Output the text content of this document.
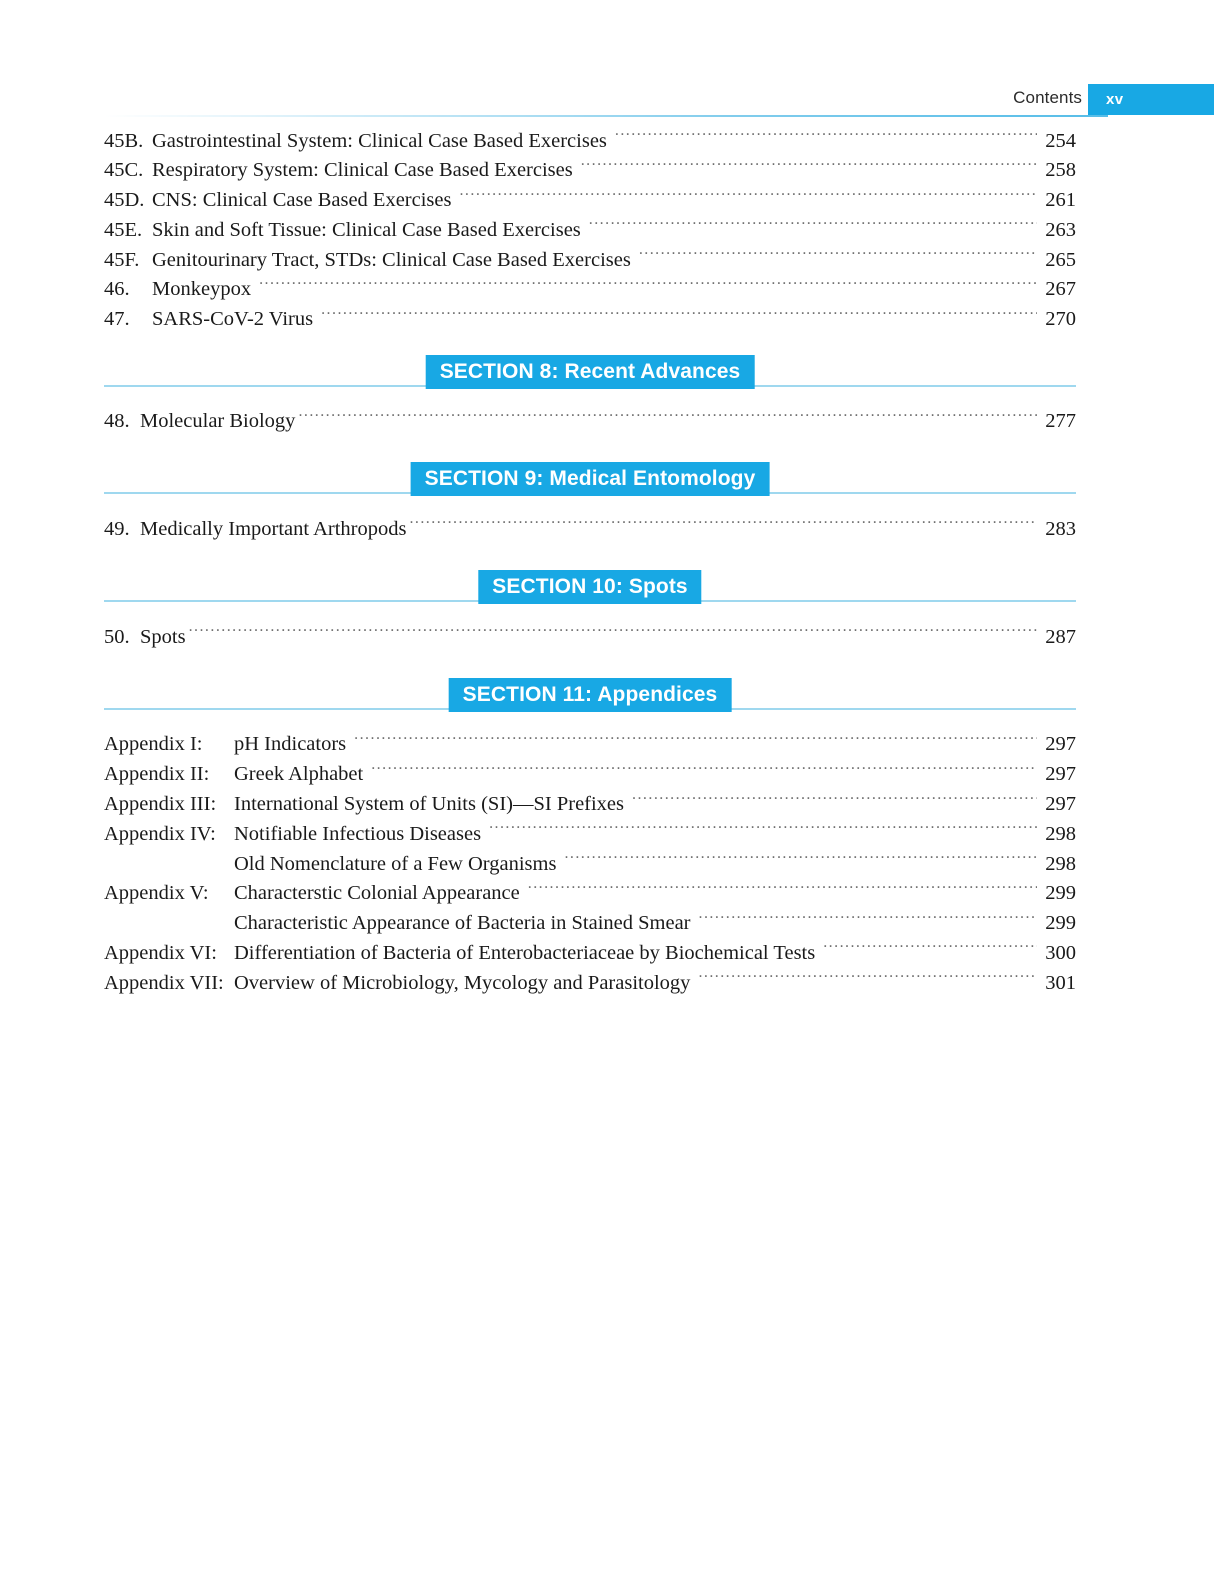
Contents xv
45B. Gastrointestinal System: Clinical Case Based Exercises .....	254
45C. Respiratory System: Clinical Case Based Exercises .....	258
45D. CNS: Clinical Case Based Exercises .....	261
45E. Skin and Soft Tissue: Clinical Case Based Exercises .....	263
45F. Genitourinary Tract, STDs: Clinical Case Based Exercises .....	265
46.	Monkeypox .....	267
47.	SARS-CoV-2 Virus .....	270
SECTION 8: Recent Advances
48. Molecular Biology .....	277
SECTION 9: Medical Entomology
49. Medically Important Arthropods .....	283
SECTION 10: Spots
50. Spots .....	287
SECTION 11: Appendices
Appendix I:	pH Indicators .....	297
Appendix II:	Greek Alphabet .....	297
Appendix III: International System of Units (SI)—SI Prefixes .....	297
Appendix IV: Notifiable Infectious Diseases .....	298
Old Nomenclature of a Few Organisms .....	298
Appendix V:	Characterstic Colonial Appearance .....	299
Characteristic Appearance of Bacteria in Stained Smear .....	299
Appendix VI: Differentiation of Bacteria of Enterobacteriaceae by Biochemical Tests .....	300
Appendix VII: Overview of Microbiology, Mycology and Parasitology .....	301
